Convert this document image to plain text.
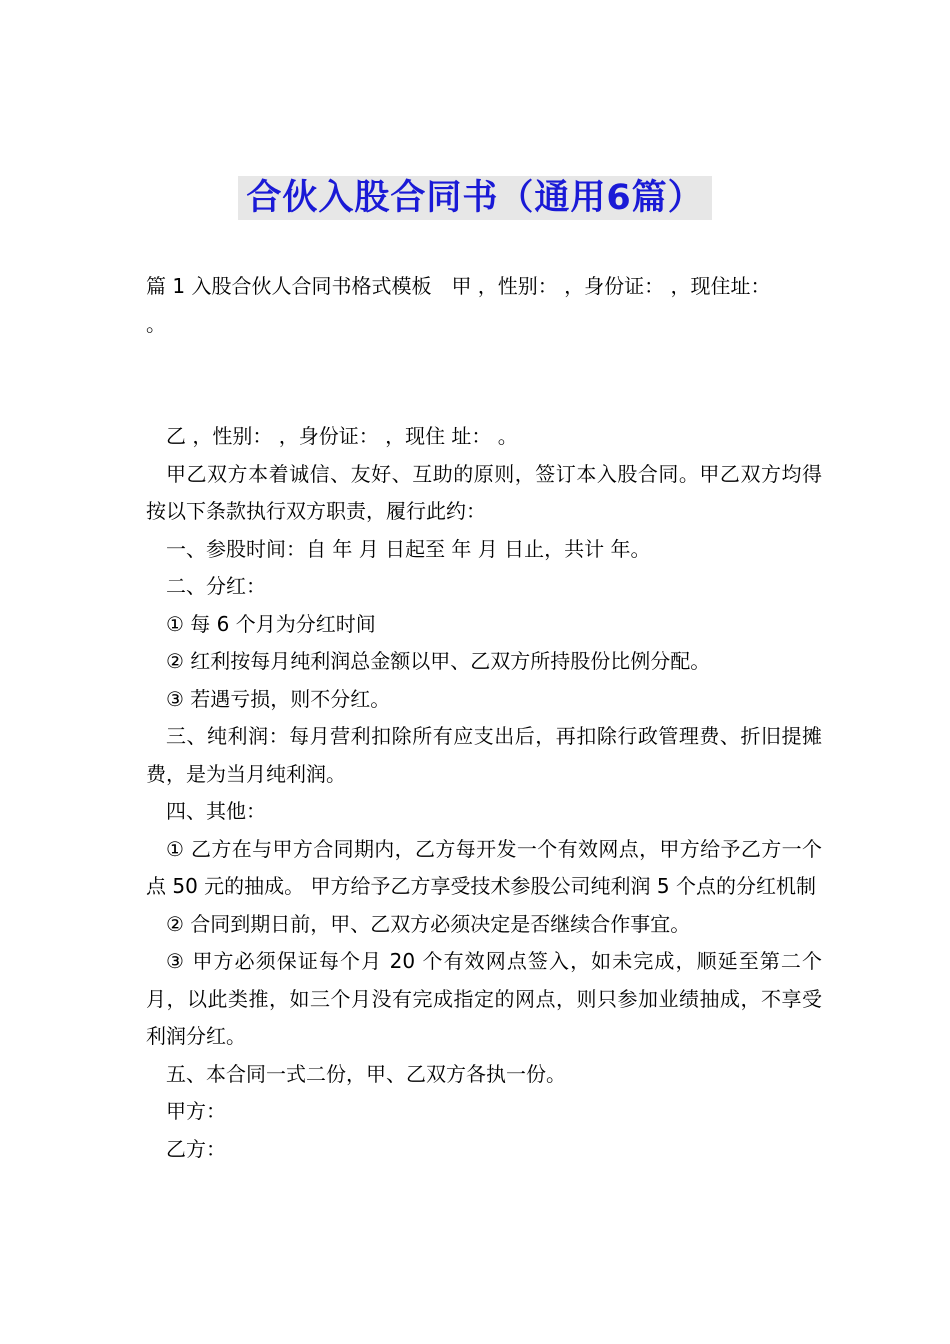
合伙入股合同书（通用6篇）

篇 1 入股合伙人合同书格式模板　甲 ，性别： ，身份证： ，现住址：

。

乙 ，性别： ，身份证： ，现住 址： 。

甲乙双方本着诚信、友好、互助的原则，签订本入股合同。甲乙双方均得按以下条款执行双方职责，履行此约：

一、参股时间：自 年 月 日起至 年 月 日止，共计 年。

二、分红：

① 每 6 个月为分红时间

② 红利按每月纯利润总金额以甲、乙双方所持股份比例分配。

③ 若遇亏损，则不分红。

三、纯利润：每月营利扣除所有应支出后，再扣除行政管理费、折旧提摊费，是为当月纯利润。

四、其他：

① 乙方在与甲方合同期内，乙方每开发一个有效网点，甲方给予乙方一个点 50 元的抽成。 甲方给予乙方享受技术参股公司纯利润 5 个点的分红机制

② 合同到期日前，甲、乙双方必须决定是否继续合作事宜。

③ 甲方必须保证每个月 20 个有效网点签入，如未完成，顺延至第二个月，以此类推，如三个月没有完成指定的网点，则只参加业绩抽成，不享受利润分红。

五、本合同一式二份，甲、乙双方各执一份。

甲方：

乙方：
